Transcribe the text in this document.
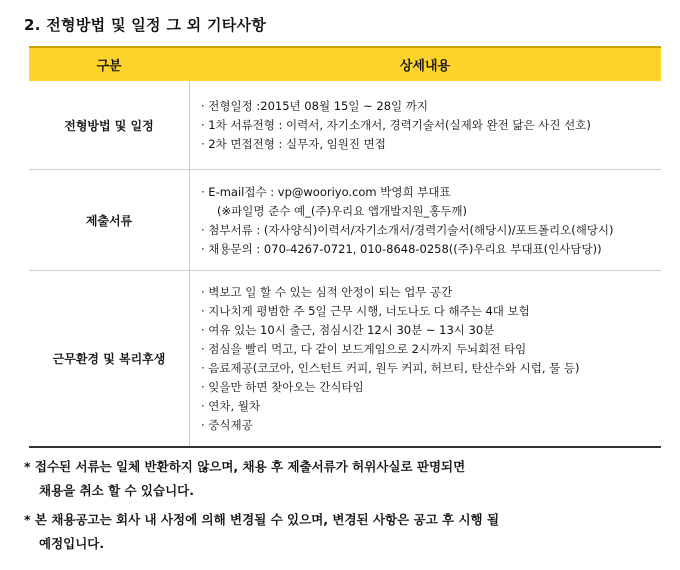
2. 전형방법 및 일정 그 외 기타사항
구분	상세내용
전형방법 및 일정
· 전형일정 :2015년 08월 15일 ~ 28일 까지
· 1차 서류전형 : 이력서, 자기소개서, 경력기술서(실제와 완전 닮은 사진 선호)
· 2차 면접전형 : 실무자, 임원진 면접
제출서류
· E-mail접수 : vp@wooriyo.com 박영희 부대표
(※파일명 준수 예_(주)우리요 앱개발지원_홍두깨)
· 첨부서류 : (자사양식)이력서/자기소개서/경력기술서(해당시)/포트폴리오(해당시)
· 채용문의 : 070-4267-0721, 010-8648-0258((주)우리요 부대표(인사담당))
근무환경 및 복리후생
· 벽보고 일 할 수 있는 심적 안정이 되는 업무 공간
· 지나치게 평범한 주 5일 근무 시행, 너도나도 다 해주는 4대 보험
· 여유 있는 10시 출근, 점심시간 12시 30분 ~ 13시 30분
· 점심을 빨리 먹고, 다 같이 보드게임으로 2시까지 두뇌회전 타임
· 음료제공(코코아, 인스턴트 커피, 원두 커피, 허브티, 탄산수와 시럽, 물 등)
· 잊을만 하면 찾아오는 간식타임
· 연차, 월차
· 중식제공
* 접수된 서류는 일체 반환하지 않으며, 채용 후 제출서류가 허위사실로 판명되면
채용을 취소 할 수 있습니다.
* 본 채용공고는 회사 내 사정에 의해 변경될 수 있으며, 변경된 사항은 공고 후 시행 될
예정입니다.
